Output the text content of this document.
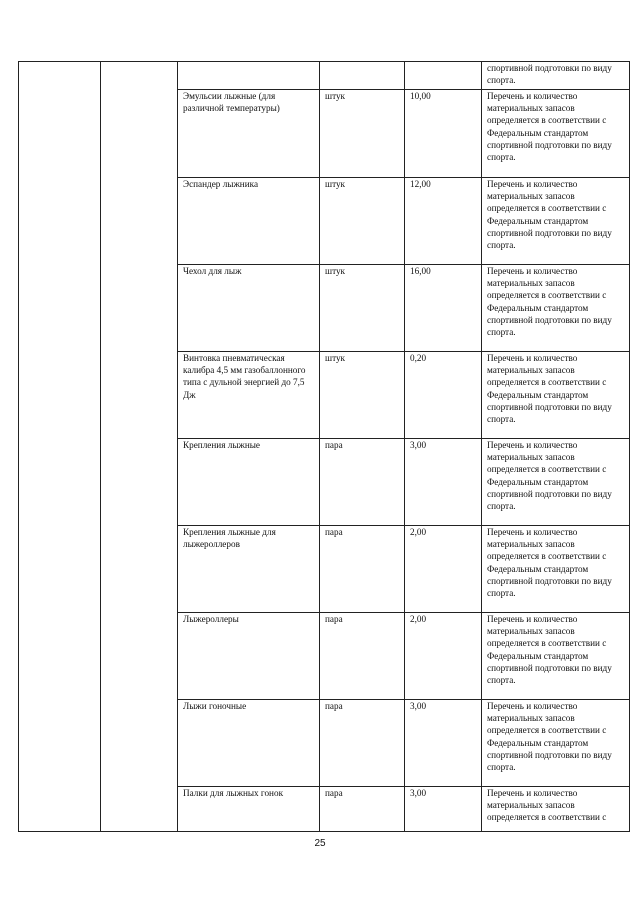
					спортивной подготовки по виду спорта.
		Эмульсии лыжные (для различной температуры)	штук	10,00	Перечень и количество материальных запасов определяется в соответствии с Федеральным стандартом спортивной подготовки по виду спорта.
		Эспандер лыжника	штук	12,00	Перечень и количество материальных запасов определяется в соответствии с Федеральным стандартом спортивной подготовки по виду спорта.
		Чехол для лыж	штук	16,00	Перечень и количество материальных запасов определяется в соответствии с Федеральным стандартом спортивной подготовки по виду спорта.
		Винтовка пневматическая калибра 4,5 мм газобаллонного типа с дульной энергией до 7,5 Дж	штук	0,20	Перечень и количество материальных запасов определяется в соответствии с Федеральным стандартом спортивной подготовки по виду спорта.
		Крепления лыжные	пара	3,00	Перечень и количество материальных запасов определяется в соответствии с Федеральным стандартом спортивной подготовки по виду спорта.
		Крепления лыжные для лыжероллеров	пара	2,00	Перечень и количество материальных запасов определяется в соответствии с Федеральным стандартом спортивной подготовки по виду спорта.
		Лыжероллеры	пара	2,00	Перечень и количество материальных запасов определяется в соответствии с Федеральным стандартом спортивной подготовки по виду спорта.
		Лыжи гоночные	пара	3,00	Перечень и количество материальных запасов определяется в соответствии с Федеральным стандартом спортивной подготовки по виду спорта.
		Палки для лыжных гонок	пара	3,00	Перечень и количество материальных запасов определяется в соответствии с
25
